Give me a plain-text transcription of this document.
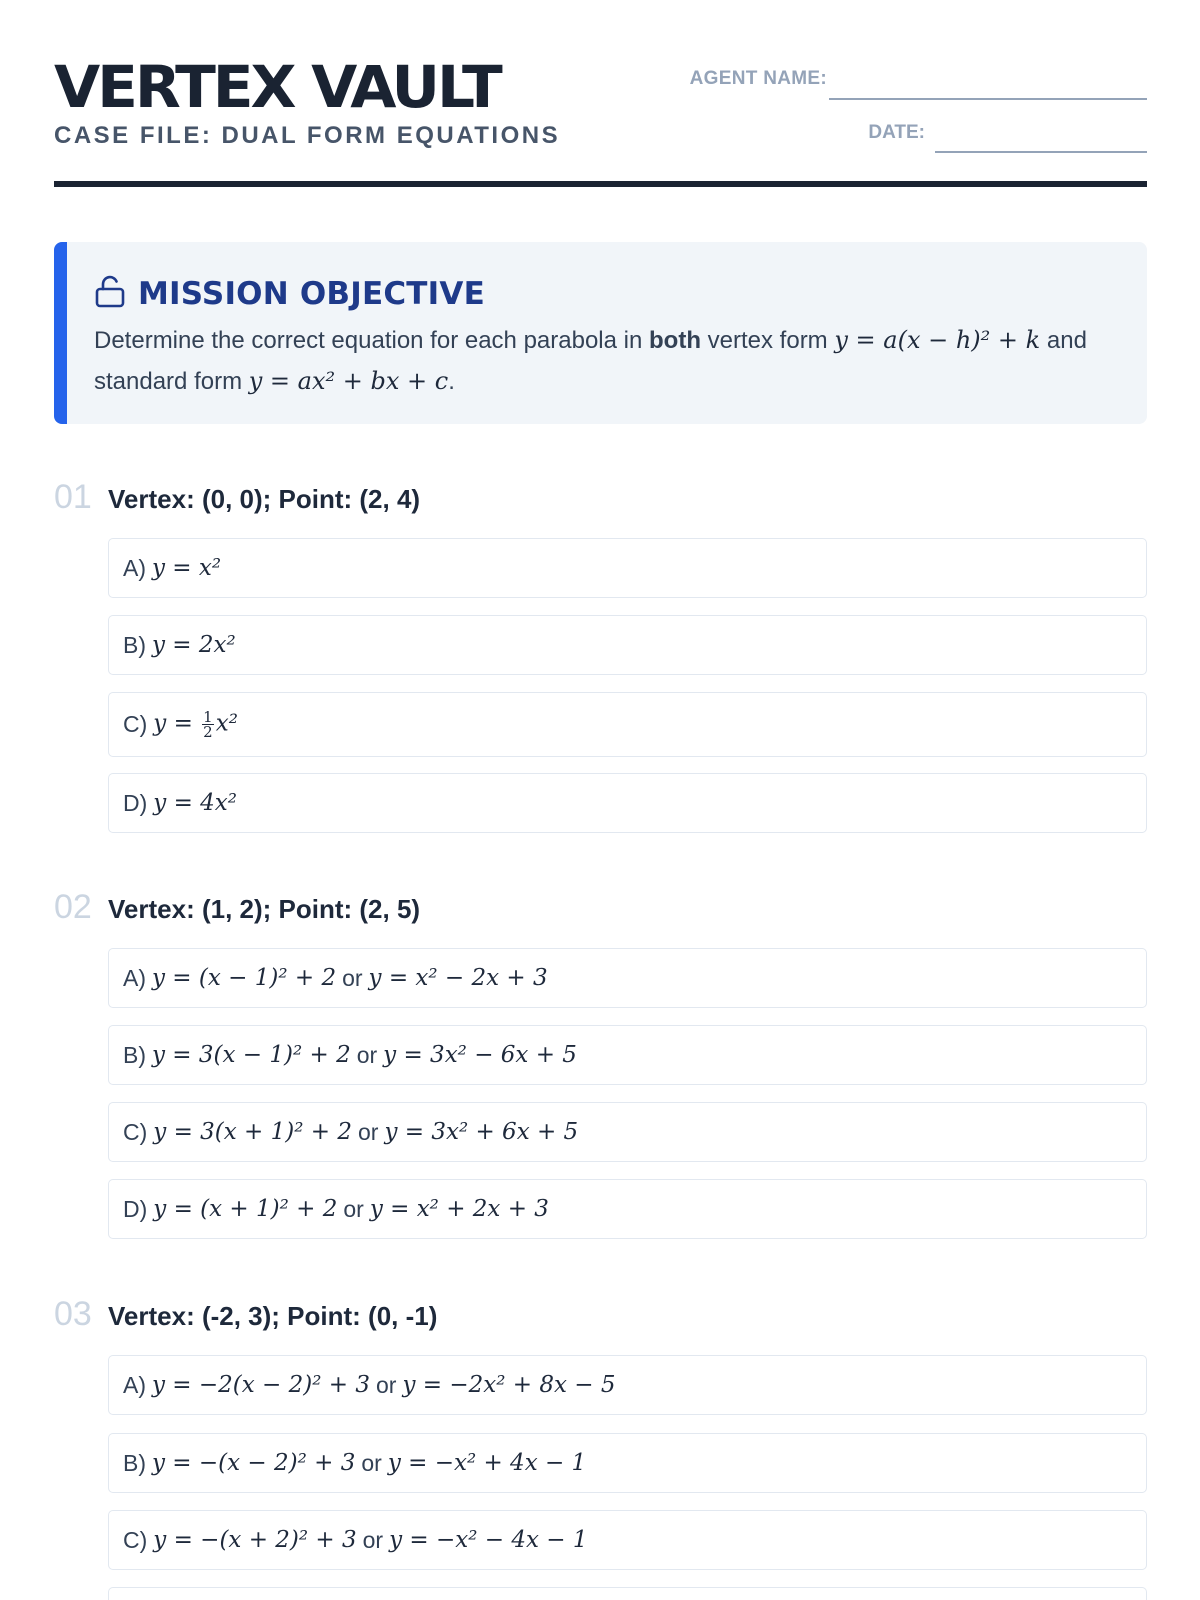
VERTEX VAULT
CASE FILE: DUAL FORM EQUATIONS
AGENT NAME:
DATE:
MISSION OBJECTIVE
Determine the correct equation for each parabola in both vertex form y = a(x − h)² + k and standard form y = ax² + bx + c.
01 Vertex: (0, 0); Point: (2, 4)
A) y = x²
B) y = 2x²
C) $y = \frac{1}{2} x^2$
D) y = 4x²
02 Vertex: (1, 2); Point: (2, 5)
A) y = (x − 1)² + 2 or y = x² − 2x + 3
B) y = 3(x − 1)² + 2 or y = 3x² − 6x + 5
C) y = 3(x + 1)² + 2 or y = 3x² + 6x + 5
D) y = (x + 1)² + 2 or y = x² + 2x + 3
03 Vertex: (-2, 3); Point: (0, -1)
A) y = −2(x − 2)² + 3 or y = −2x² + 8x − 5
B) y = −(x − 2)² + 3 or y = −x² + 4x − 1
C) y = −(x + 2)² + 3 or y = −x² − 4x − 1
